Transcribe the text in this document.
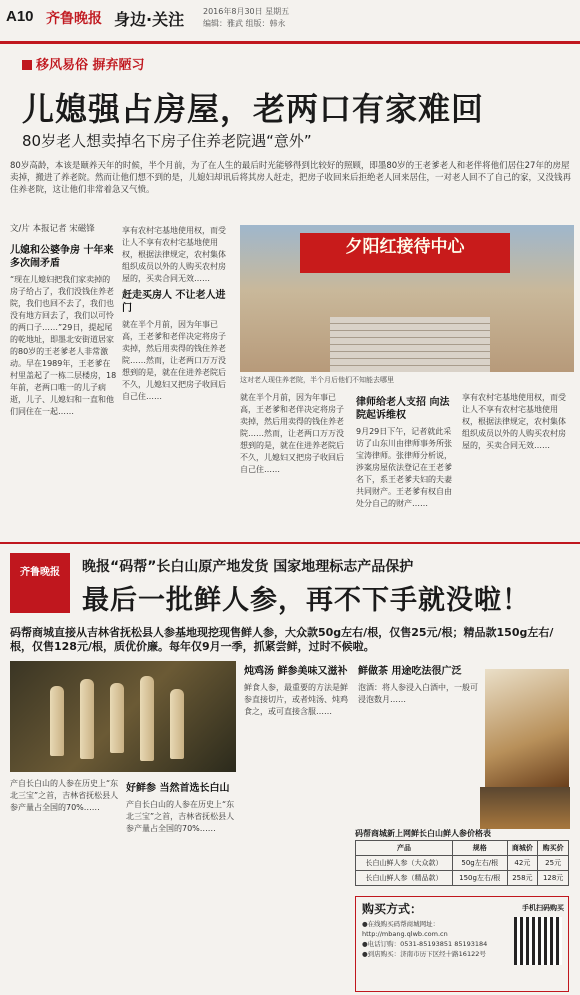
A10 齐鲁晚报 身边·关注 2016年8月30日 星期五
编辑：雅武 组版：韩永
移风易俗 摒弃陋习
儿媳强占房屋，老两口有家难回
80岁老人想卖掉名下房子住养老院遇“意外”
80岁高龄，本该是颐养天年的时候，半个月前，为了在人生的最后时光能够得到比较好的照顾，即墨80岁的王老爹老人和老伴将他们居住27年的房屋卖掉，搬进了养老院。然而让他们想不到的是，儿媳妇却讯后将其房人赶走，把房子收回来后拒绝老人回来居住，一对老人回不了自己的家，又没钱再住养老院，这让他们非常着急又气愤。
文/片 本报记者 宋磁锋
儿媳和公婆争房 十年来多次闹矛盾
“现在儿媳妇把我们家卖掉的房子给占了，我们没钱住养老院，我们也回不去了，我们也没有地方回去了，我们以可怜的两口子……”29日，提起尾的乾地址，即墨北安街道居家的80岁的王老爹老人非常激动。早在1989年，王老爹在村里盖起了一栋二层楼房，18年前，老两口唯一的儿子病逝，儿子、儿媳妇和一直和他们同住在一起……
享有农村宅基地使用权，而受让人不享有农村宅基地使用权，根据法律规定，农村集体组织成员以外的人购买农村房屋的，买卖合同无效……
赶走买房人 不让老人进门
就在半个月前，因为年事已高，王老爹和老伴决定将房子卖掉，然后用卖得的钱住养老院……然而，让老两口万万没想到的是，就在住进养老院后不久，儿媳妇又把房子收回后自己住……
夕阳红接待中心
这对老人现住养老院，半个月后他们不知能去哪里
就在半个月前，因为年事已高，王老爹和老伴决定将房子卖掉，然后用卖得的钱住养老院……然而，让老两口万万没想到的是，就在住进养老院后不久，儿媳妇又把房子收回后自己住……
律师给老人支招 向法院起诉维权
9月29日下午，记者就此采访了山东川由律师事务所张宝涛律师。张律师分析说，涉案房屋依法登记在王老爹名下，系王老爹夫妇的夫妻共同财产。王老爹有权自由处分自己的财产……
享有农村宅基地使用权，而受让人不享有农村宅基地使用权，根据法律规定，农村集体组织成员以外的人购买农村房屋的，买卖合同无效……
齐鲁晚报	晚报“码帮”长白山原产地发货 国家地理标志产品保护
最后一批鲜人参，再不下手就没啦！
码帮商城直接从吉林省抚松县人参基地现挖现售鲜人参，大众款50g左右/根，仅售25元/根；精品款150g左右/根，仅售128元/根，质优价廉。每年仅9月一季，抓紧尝鲜，过时不候啦。
产自长白山的人参在历史上“东北三宝”之首，吉林省抚松县人参产量占全国的70%……
好鲜参 当然首选长白山
产自长白山的人参在历史上“东北三宝”之首，吉林省抚松县人参产量占全国的70%……
炖鸡汤 鲜参美味又滋补
鲜食人参，最重要的方法是鲜参直接切片，或者炖汤、炖鸡食之，或可直接含服……
鲜做茶 用途吃法很广泛
泡酒：将人参浸入白酒中，一般可浸泡数月……
码帮商城新上网鲜长白山鲜人参价格表
产品	规格	商城价	购买价
长白山鲜人参（大众款）	50g左右/根	42元	25元
长白山鲜人参（精品款）	150g左右/根	258元	128元
购买方式：
●在线购买码帮商城网址：http://mbang.qlwb.com.cn
●电话订购：0531-85193851 85193184
●到店购买：济南市历下区经十路16122号
手机扫码购买
